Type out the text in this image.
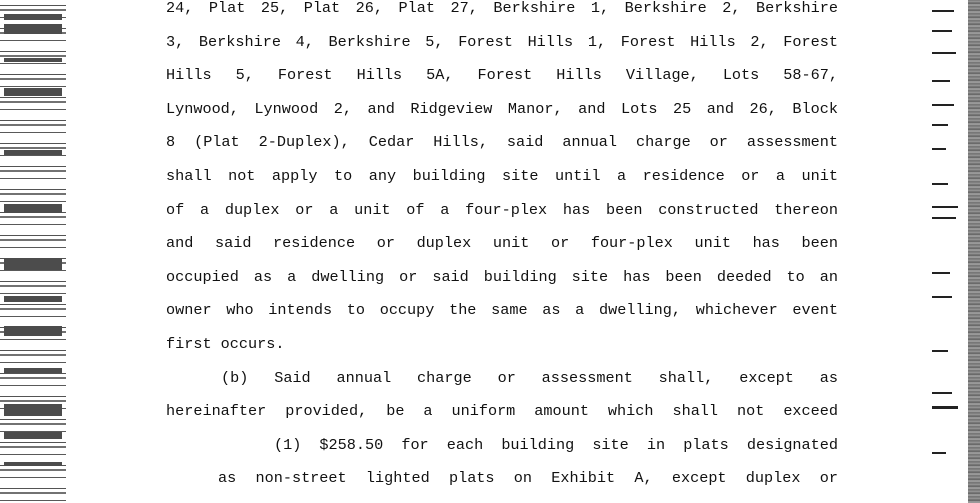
24, Plat 25, Plat 26, Plat 27, Berkshire 1, Berkshire 2, Berkshire
3, Berkshire 4, Berkshire 5, Forest Hills 1, Forest Hills 2, Forest
Hills 5, Forest Hills 5A, Forest Hills Village, Lots 58-67,
Lynwood, Lynwood 2, and Ridgeview Manor, and Lots 25 and 26, Block
8 (Plat 2-Duplex), Cedar Hills, said annual charge or assessment
shall not apply to any building site until a residence or a unit
of a duplex or a unit of a four-plex has been constructed thereon
and said residence or duplex unit or four-plex unit has been
occupied as a dwelling or said building site has been deeded to an
owner who intends to occupy the same as a dwelling, whichever event
first occurs.
(b) Said annual charge or assessment shall, except as
hereinafter provided, be a uniform amount which shall not exceed
(1) $258.50 for each building site in plats designated
as non-street lighted plats on Exhibit A, except duplex or
